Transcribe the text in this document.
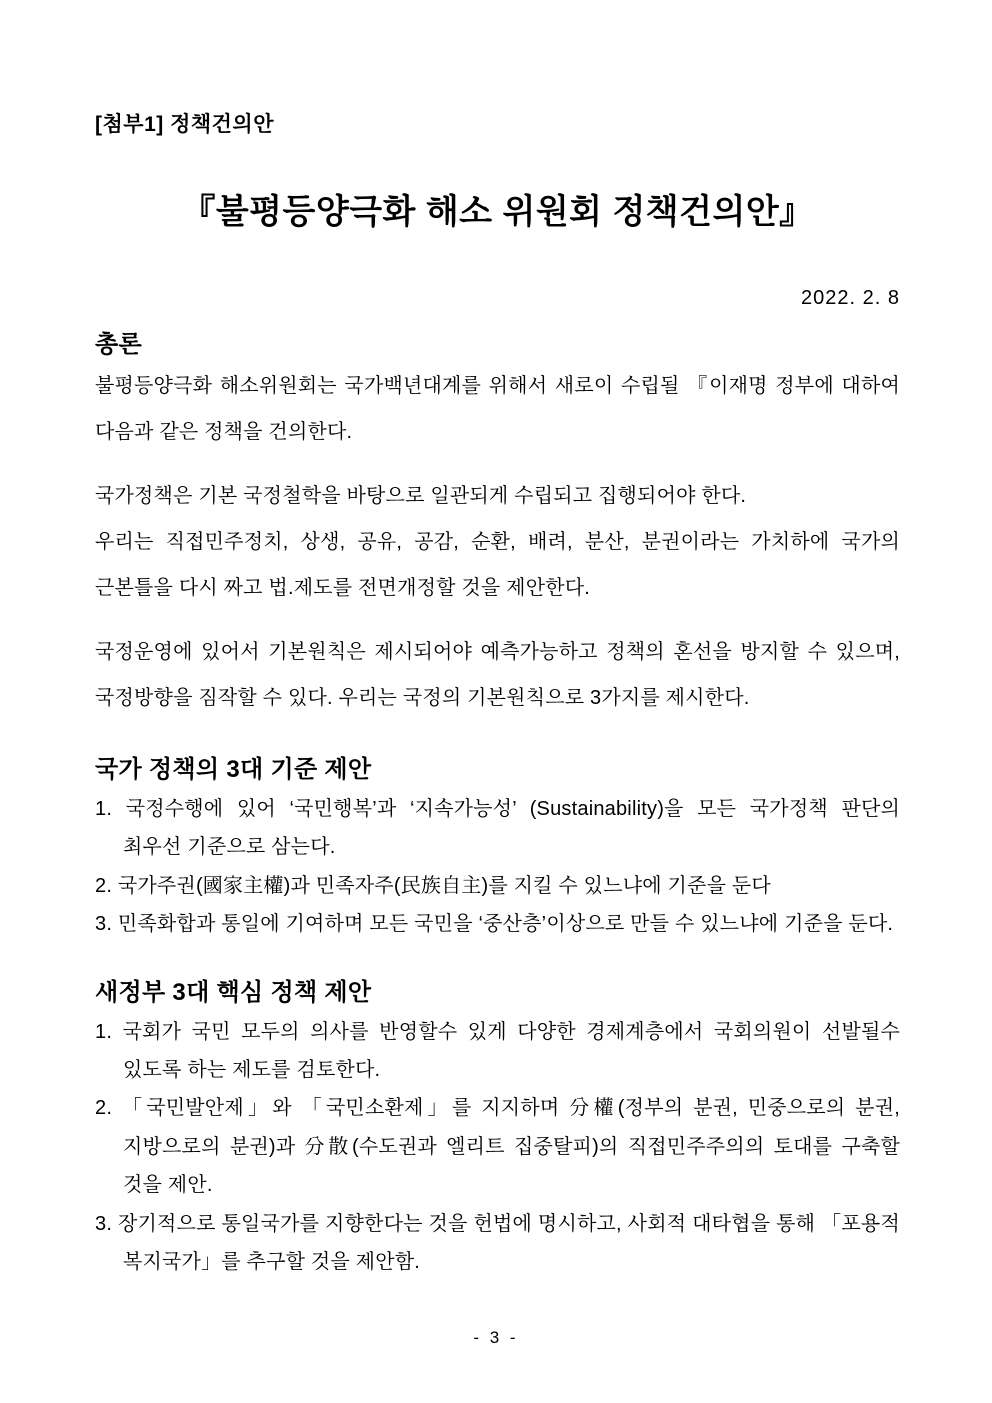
[첨부1] 정책건의안
『불평등양극화 해소 위원회 정책건의안』
2022. 2. 8
총론

불평등양극화 해소위원회는 국가백년대계를 위해서 새로이 수립될 『이재명 정부에 대하여 다음과 같은 정책을 건의한다.

국가정책은 기본 국정철학을 바탕으로 일관되게 수립되고 집행되어야 한다.

우리는 직접민주정치, 상생, 공유, 공감, 순환, 배려, 분산, 분권이라는 가치하에 국가의 근본틀을 다시 짜고 법.제도를 전면개정할 것을 제안한다.

국정운영에 있어서 기본원칙은 제시되어야 예측가능하고 정책의 혼선을 방지할 수 있으며, 국정방향을 짐작할 수 있다. 우리는 국정의 기본원칙으로 3가지를 제시한다.

국가 정책의 3대 기준 제안
1. 국정수행에 있어 ‘국민행복’과 ‘지속가능성’ (Sustainability)을 모든 국가정책 판단의 최우선 기준으로 삼는다.
2. 국가주권(國家主權)과 민족자주(民族自主)를 지킬 수 있느냐에 기준을 둔다
3. 민족화합과 통일에 기여하며 모든 국민을 ‘중산층’이상으로 만들 수 있느냐에 기준을 둔다.
새정부 3대 핵심 정책 제안
1. 국회가 국민 모두의 의사를 반영할수 있게 다양한 경제계층에서 국회의원이 선발될수 있도록 하는 제도를 검토한다.
2. 「국민발안제」와 「국민소환제」를 지지하며 分權(정부의 분권, 민중으로의 분권, 지방으로의 분권)과 分散(수도권과 엘리트 집중탈피)의 직접민주주의의 토대를 구축할 것을 제안.
3. 장기적으로 통일국가를 지향한다는 것을 헌법에 명시하고, 사회적 대타협을 통해 「포용적 복지국가」를 추구할 것을 제안함.
- 3 -
